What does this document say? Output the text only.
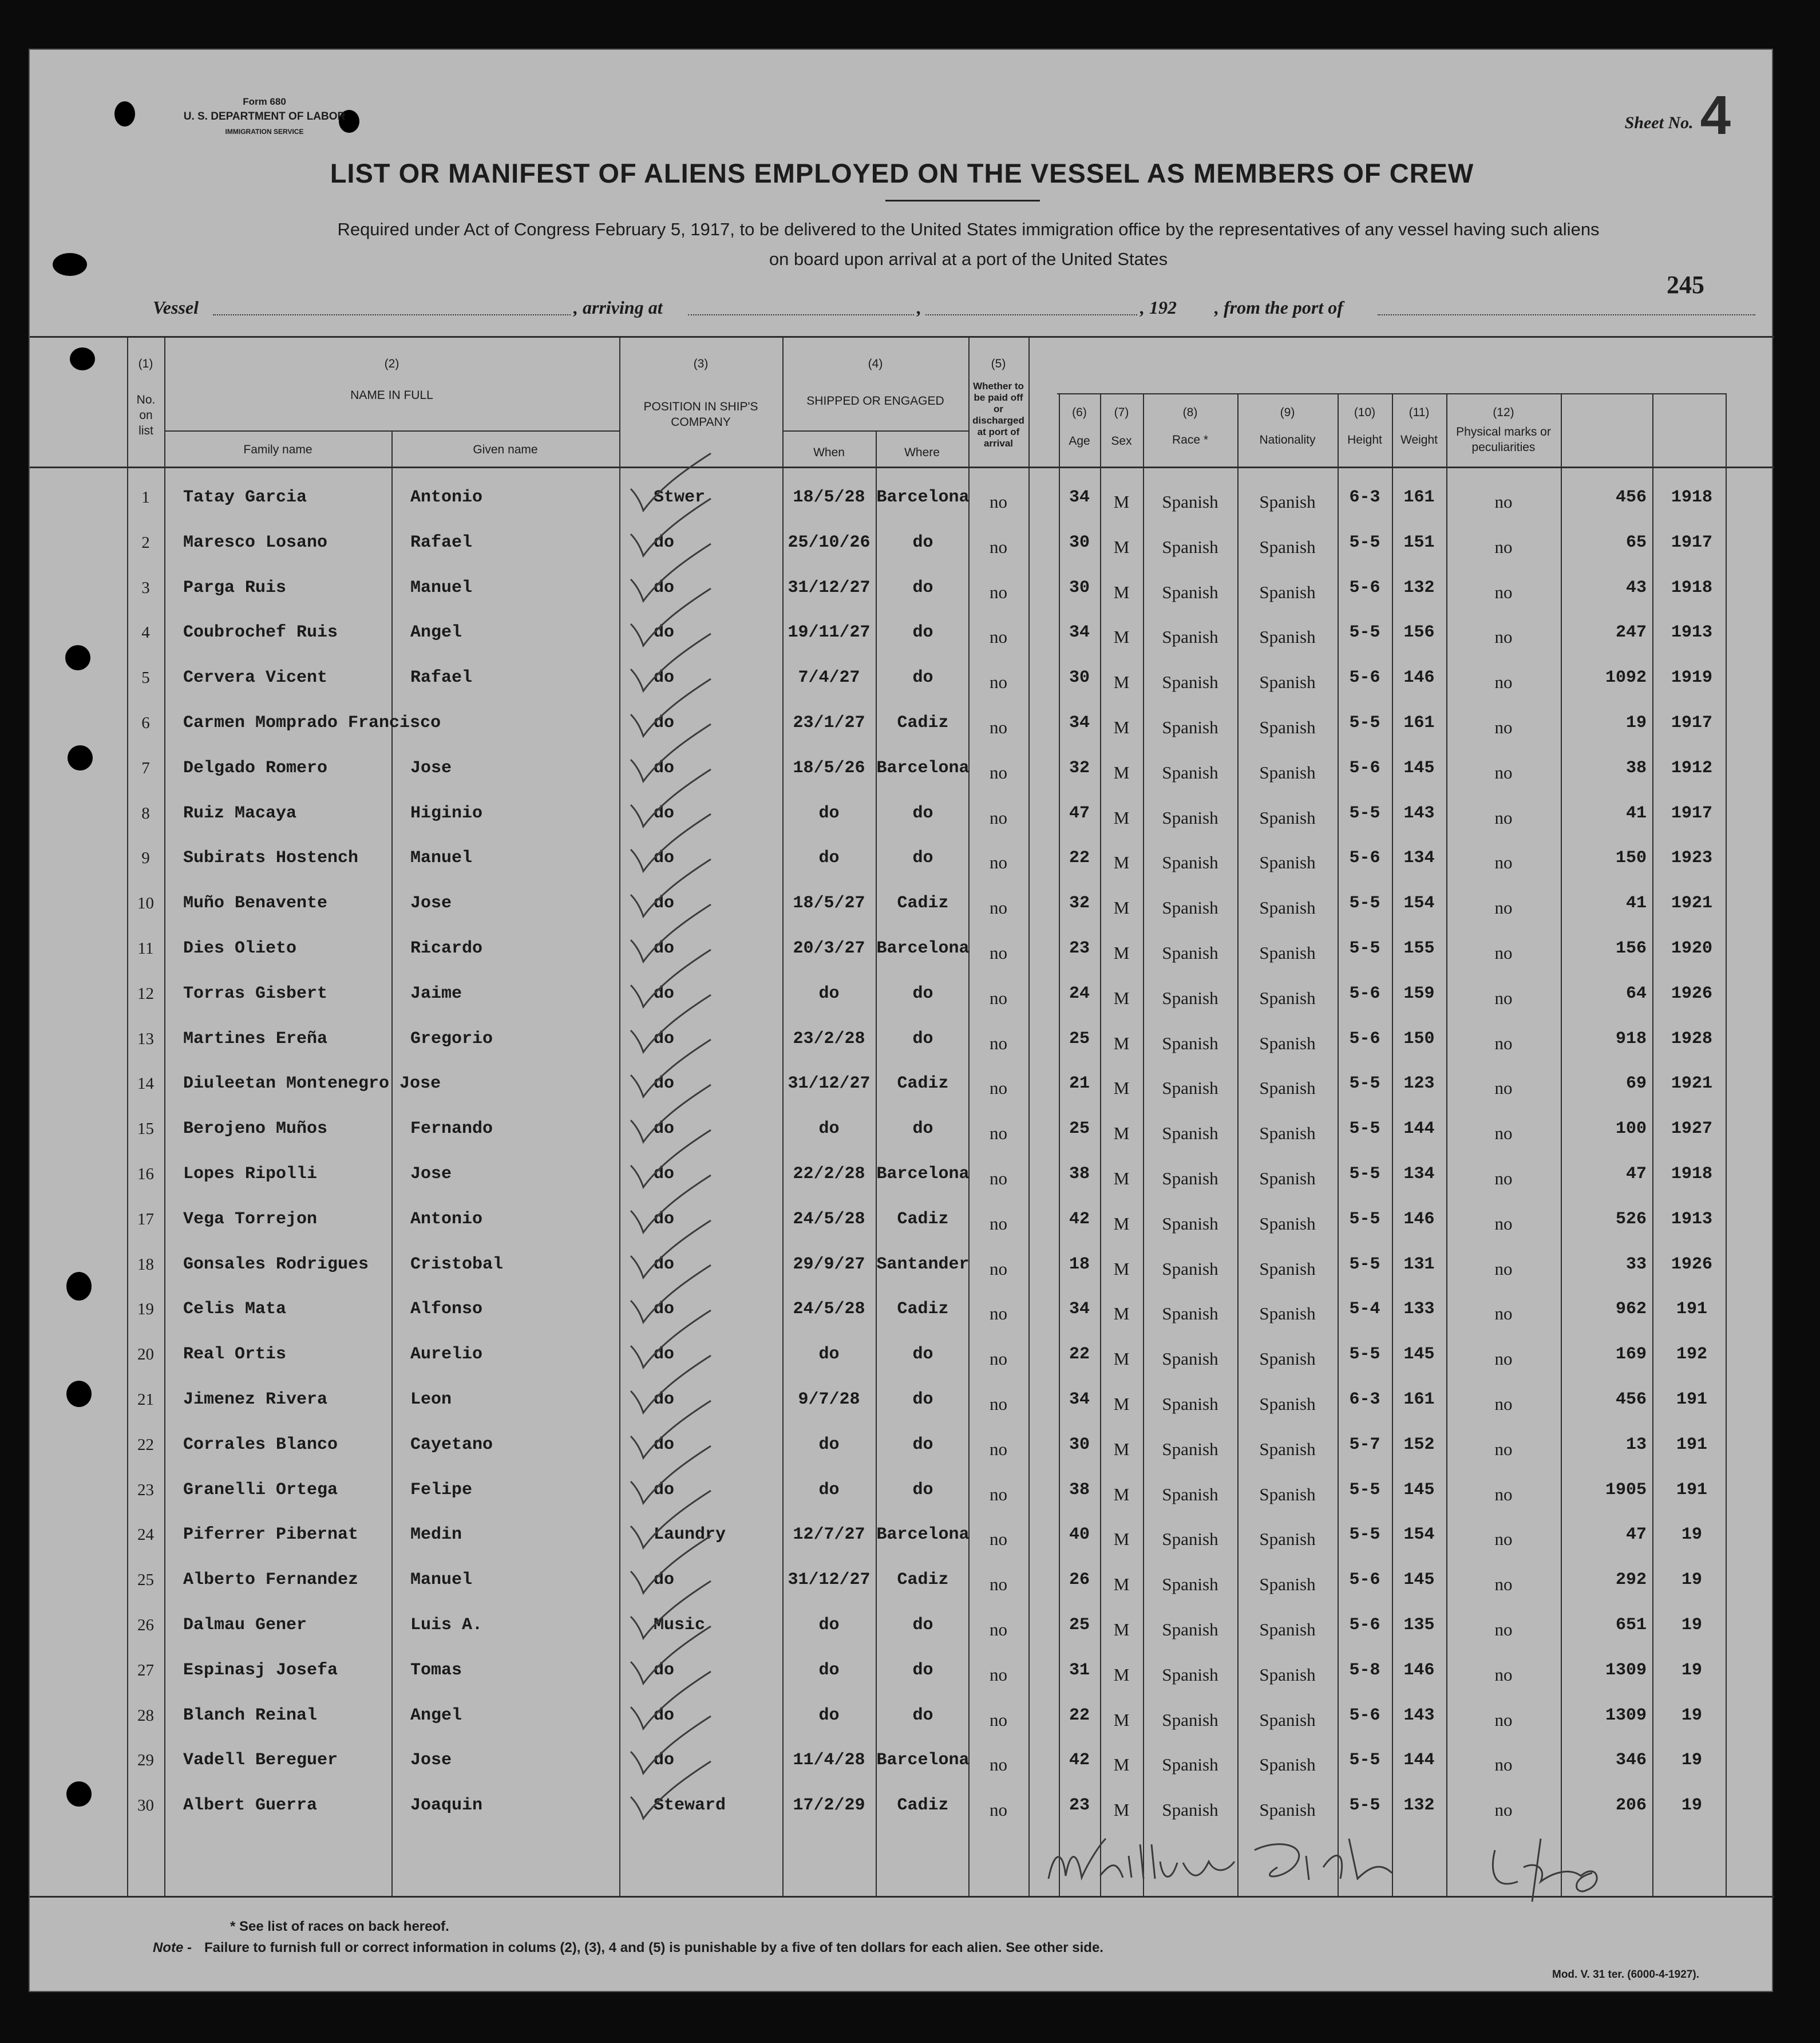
Form 680
U. S. DEPARTMENT OF LABOR
IMMIGRATION SERVICE	Sheet No. 4
LIST OR MANIFEST OF ALIENS EMPLOYED ON THE VESSEL AS MEMBERS OF CREW
Required under Act of Congress February 5, 1917, to be delivered to the United States immigration office by the representatives of any vessel having such aliens
on board upon arrival at a port of the United States
245
Vessel	, arriving at	,	, 192 , from the port of
(1)
No. on list
(2)
NAME IN FULL
Family name	Given name
(3)
POSITION IN SHIP'S COMPANY
(4)
SHIPPED OR ENGAGED
When	Where
(5)
Whether to be paid off or discharged at port of arrival
(6)
Age
(7)
Sex
(8)
Race *
(9)
Nationality
(10)
Height
(11)
Weight
(12)
Physical marks or peculiarities
1	Tatay Garcia	Antonio	Stwer	18/5/28 Barcelona	no	34	M	Spanish	Spanish	6-3	161	no	456	1918
2	Maresco Losano	Rafael	do	25/10/26	do	no	30	M	Spanish	Spanish	5-5	151	no	65	1917
3	Parga Ruis	Manuel	do	31/12/27	do	no	30	M	Spanish	Spanish	5-6	132	no	43	1918
4	Coubrochef Ruis	Angel	do	19/11/27	do	no	34	M	Spanish	Spanish	5-5	156	no	247	1913
5	Cervera Vicent	Rafael	do	7/4/27	do	no	30	M	Spanish	Spanish	5-6	146	no	1092	1919
6	Carmen Momprado Francisco	do	23/1/27	Cadiz	no	34	M	Spanish	Spanish	5-5	161	no	19	1917
7	Delgado Romero	Jose	do	18/5/26 Barcelona	no	32	M	Spanish	Spanish	5-6	145	no	38	1912
8	Ruiz Macaya	Higinio	do	do	do	no	47	M	Spanish	Spanish	5-5	143	no	41	1917
9	Subirats Hostench	Manuel	do	do	do	no	22	M	Spanish	Spanish	5-6	134	no	150	1923
10	Muño Benavente	Jose	do	18/5/27	Cadiz	no	32	M	Spanish	Spanish	5-5	154	no	41	1921
11	Dies Olieto	Ricardo	do	20/3/27 Barcelona	no	23	M	Spanish	Spanish	5-5	155	no	156	1920
12	Torras Gisbert	Jaime	do	do	do	no	24	M	Spanish	Spanish	5-6	159	no	64	1926
13	Martines Ereña	Gregorio	do	23/2/28	do	no	25	M	Spanish	Spanish	5-6	150	no	918	1928
14	Diuleetan Montenegro Jose	do	31/12/27	Cadiz	no	21	M	Spanish	Spanish	5-5	123	no	69	1921
15	Berojeno Muños	Fernando	do	do	do	no	25	M	Spanish	Spanish	5-5	144	no	100	1927
16	Lopes Ripolli	Jose	do	22/2/28 Barcelona	no	38	M	Spanish	Spanish	5-5	134	no	47	1918
17	Vega Torrejon	Antonio	do	24/5/28	Cadiz	no	42	M	Spanish	Spanish	5-5	146	no	526	1913
18	Gonsales Rodrigues	Cristobal	do	29/9/27 Santander	no	18	M	Spanish	Spanish	5-5	131	no	33	1926
19	Celis Mata	Alfonso	do	24/5/28	Cadiz	no	34	M	Spanish	Spanish	5-4	133	no	962	191
20	Real Ortis	Aurelio	do	do	do	no	22	M	Spanish	Spanish	5-5	145	no	169	192
21	Jimenez Rivera	Leon	do	9/7/28	do	no	34	M	Spanish	Spanish	6-3	161	no	456	191
22	Corrales Blanco	Cayetano	do	do	do	no	30	M	Spanish	Spanish	5-7	152	no	13	191
23	Granelli Ortega	Felipe	do	do	do	no	38	M	Spanish	Spanish	5-5	145	no	1905	191
24	Piferrer Pibernat	Medin	Laundry	12/7/27 Barcelona	no	40	M	Spanish	Spanish	5-5	154	no	47	19
25	Alberto Fernandez	Manuel	do	31/12/27	Cadiz	no	26	M	Spanish	Spanish	5-6	145	no	292	19
26	Dalmau Gener	Luis A.	Music	do	do	no	25	M	Spanish	Spanish	5-6	135	no	651	19
27	Espinasj Josefa	Tomas	do	do	do	no	31	M	Spanish	Spanish	5-8	146	no	1309	19
28	Blanch Reinal	Angel	do	do	do	no	22	M	Spanish	Spanish	5-6	143	no	1309	19
29	Vadell Bereguer	Jose	do	11/4/28 Barcelona	no	42	M	Spanish	Spanish	5-5	144	no	346	19
30	Albert Guerra	Joaquin	Steward	17/2/29	Cadiz	no	23	M	Spanish	Spanish	5-5	132	no	206	19
* See list of races on back hereof.
Note - Failure to furnish full or correct information in colums (2), (3), 4 and (5) is punishable by a five of ten dollars for each alien. See other side.
Mod. V. 31 ter. (6000-4-1927).
